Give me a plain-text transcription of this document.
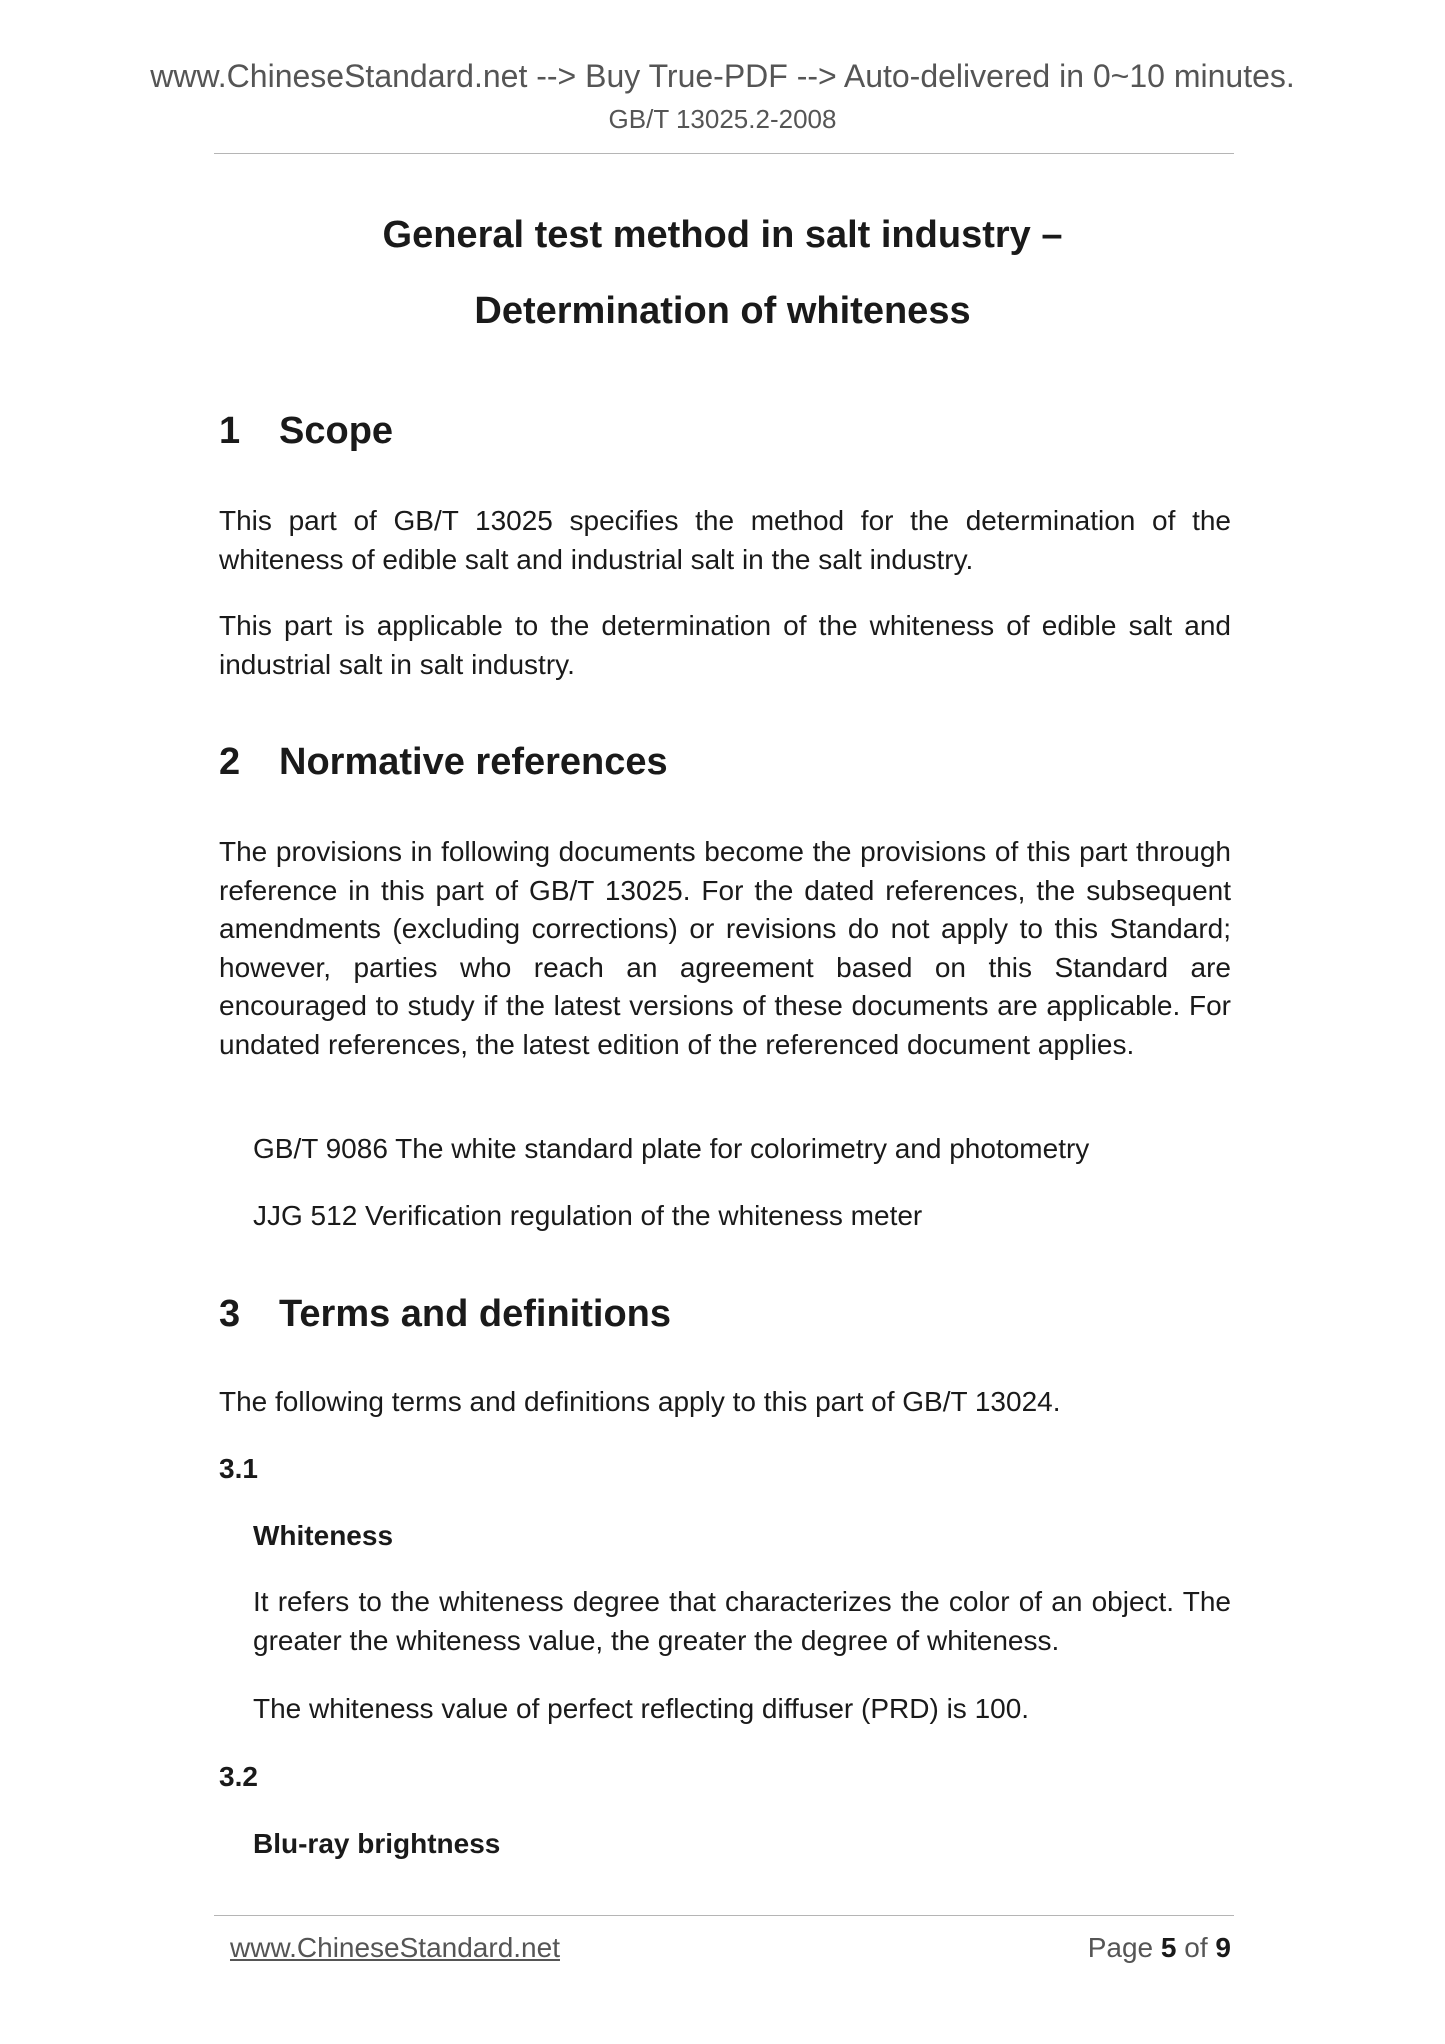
www.ChineseStandard.net --> Buy True-PDF --> Auto-delivered in 0~10 minutes.
GB/T 13025.2-2008
General test method in salt industry –
Determination of whiteness
1 Scope
This part of GB/T 13025 specifies the method for the determination of the whiteness of edible salt and industrial salt in the salt industry.
This part is applicable to the determination of the whiteness of edible salt and industrial salt in salt industry.
2 Normative references
The provisions in following documents become the provisions of this part through reference in this part of GB/T 13025. For the dated references, the subsequent amendments (excluding corrections) or revisions do not apply to this Standard; however, parties who reach an agreement based on this Standard are encouraged to study if the latest versions of these documents are applicable. For undated references, the latest edition of the referenced document applies.
GB/T 9086 The white standard plate for colorimetry and photometry
JJG 512 Verification regulation of the whiteness meter
3 Terms and definitions
The following terms and definitions apply to this part of GB/T 13024.
3.1
Whiteness
It refers to the whiteness degree that characterizes the color of an object. The greater the whiteness value, the greater the degree of whiteness.
The whiteness value of perfect reflecting diffuser (PRD) is 100.
3.2
Blu-ray brightness
www.ChineseStandard.net	Page 5 of 9
